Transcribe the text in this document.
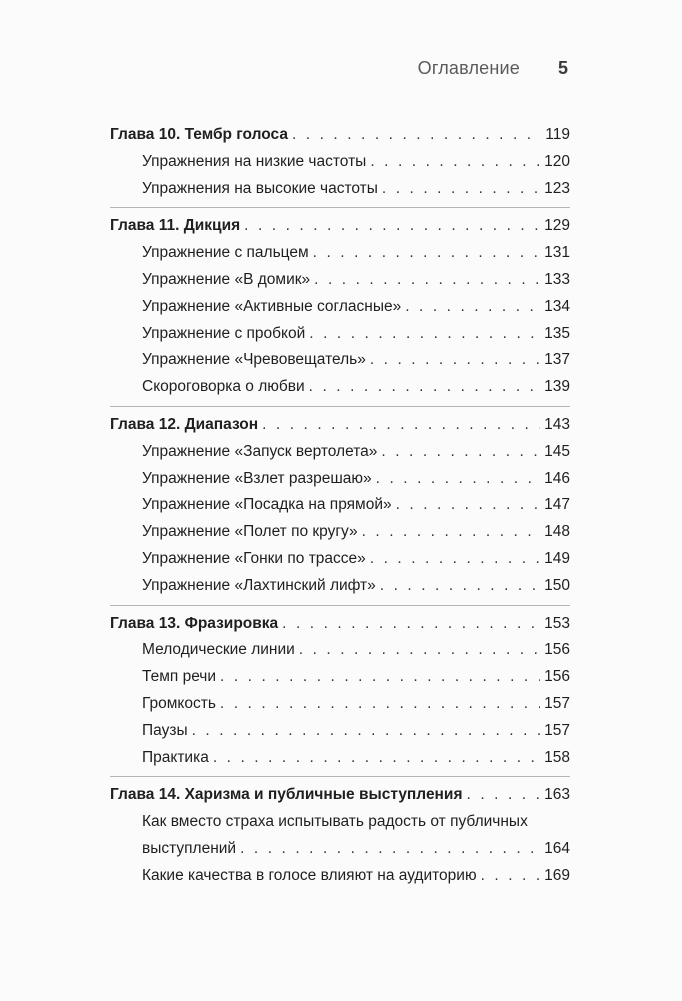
Оглавление 5
Глава 10. Тембр голоса . . .	119
Упражнения на низкие частоты . . .	120
Упражнения на высокие частоты . . .	123
Глава 11. Дикция . . .	129
Упражнение с пальцем . . .	131
Упражнение «В домик» . . .	133
Упражнение «Активные согласные» . . .	134
Упражнение с пробкой . . .	135
Упражнение «Чревовещатель» . . .	137
Скороговорка о любви . . .	139
Глава 12. Диапазон . . .	143
Упражнение «Запуск вертолета» . . .	145
Упражнение «Взлет разрешаю» . . .	146
Упражнение «Посадка на прямой» . . .	147
Упражнение «Полет по кругу» . . .	148
Упражнение «Гонки по трассе» . . .	149
Упражнение «Лахтинский лифт» . . .	150
Глава 13. Фразировка . . .	153
Мелодические линии . . .	156
Темп речи . . .	156
Громкость . . .	157
Паузы . . .	157
Практика . . .	158
Глава 14. Харизма и публичные выступления . . .	163
Как вместо страха испытывать радость от публичных
выступлений . . .	164
Какие качества в голосе влияют на аудиторию . . .	169
